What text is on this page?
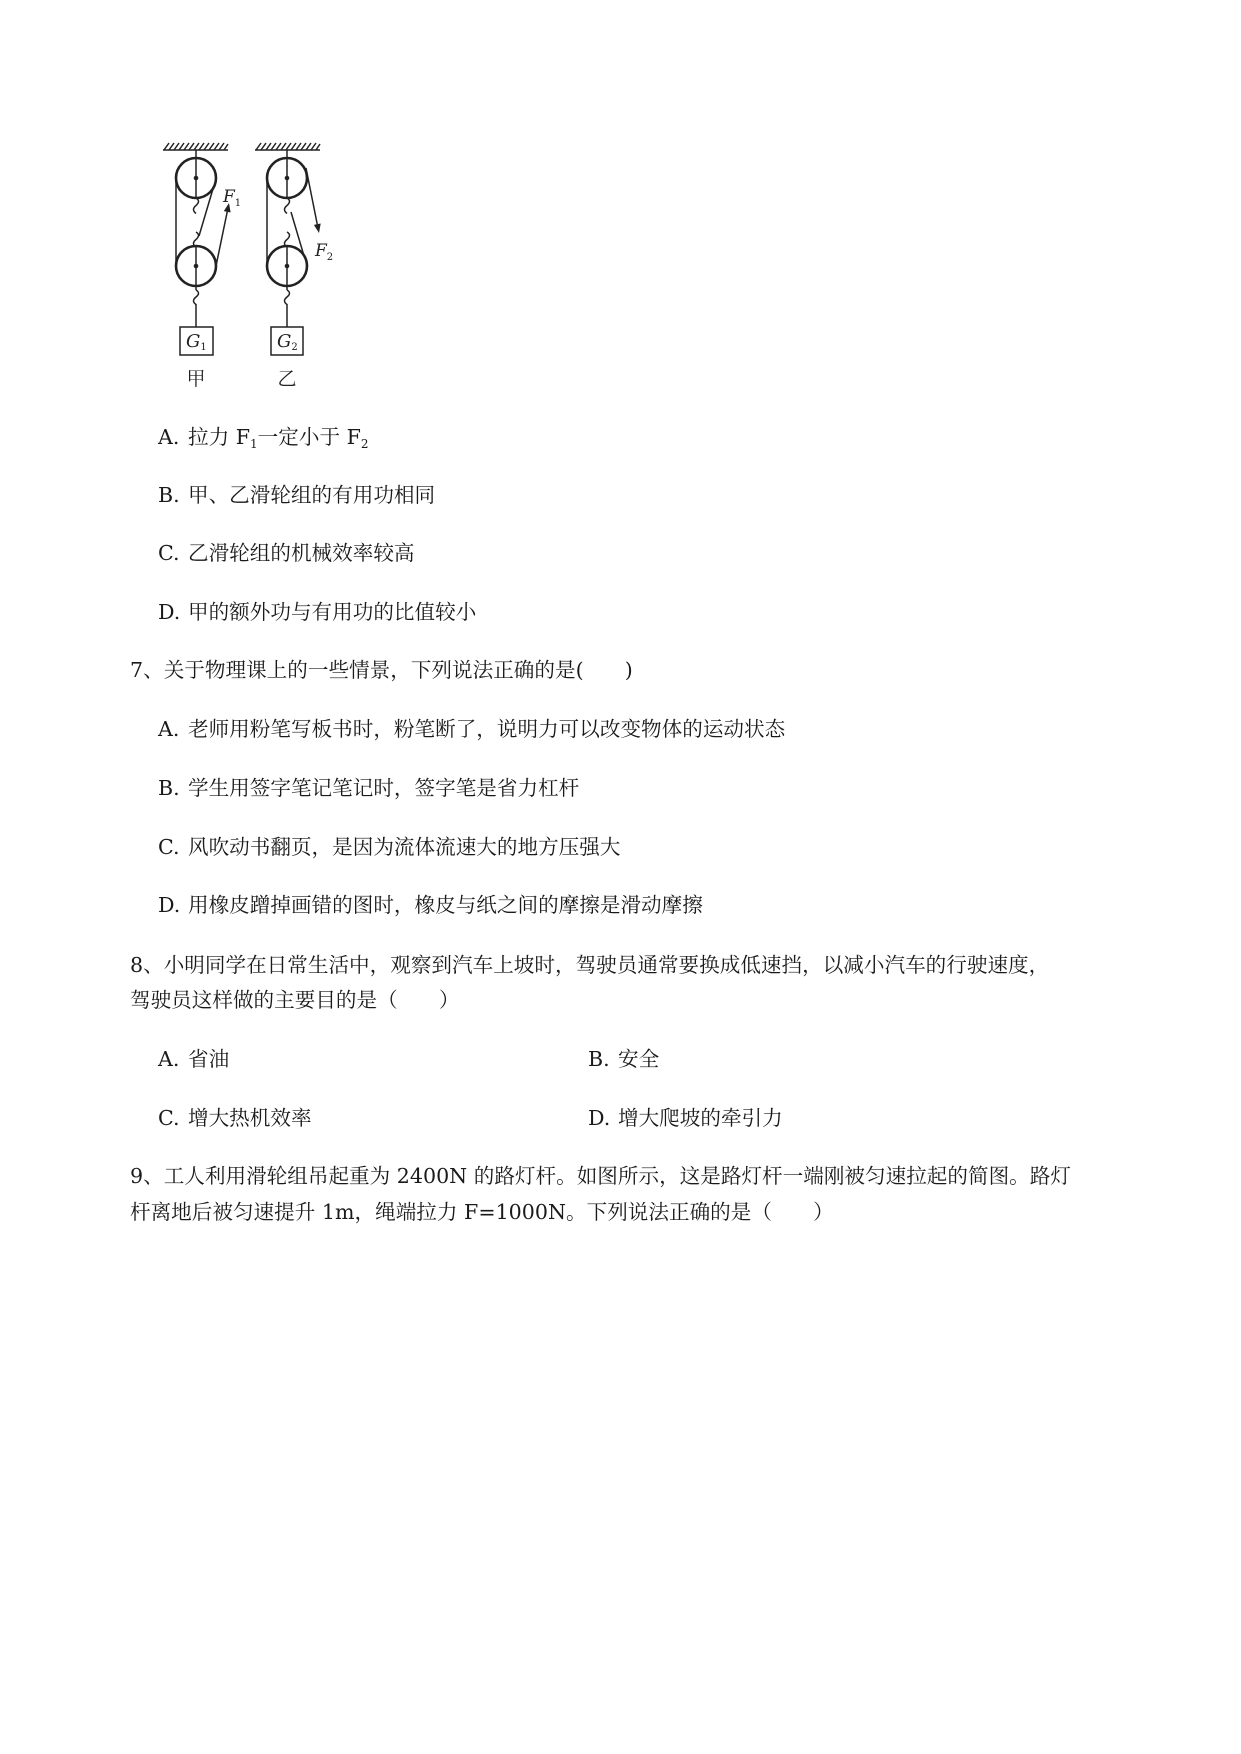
G1
$F_1$
甲
G2
$F_2$
乙
A. 拉力 $F_1$一定小于 $F_2$
B. 甲、乙滑轮组的有用功相同
C. 乙滑轮组的机械效率较高
D. 甲的额外功与有用功的比值较小
7、关于物理课上的一些情景，下列说法正确的是(　　)
A. 老师用粉笔写板书时，粉笔断了，说明力可以改变物体的运动状态
B. 学生用签字笔记笔记时，签字笔是省力杠杆
C. 风吹动书翻页，是因为流体流速大的地方压强大
D. 用橡皮蹭掉画错的图时，橡皮与纸之间的摩擦是滑动摩擦
8、小明同学在日常生活中，观察到汽车上坡时，驾驶员通常要换成低速挡，以减小汽车的行驶速度，
驾驶员这样做的主要目的是（　　）
A. 省油	B. 安全
C. 增大热机效率	D. 增大爬坡的牵引力
9、工人利用滑轮组吊起重为 2400N 的路灯杆。如图所示，这是路灯杆一端刚被匀速拉起的简图。路灯
杆离地后被匀速提升 1m，绳端拉力 F=1000N。下列说法正确的是（　　）
